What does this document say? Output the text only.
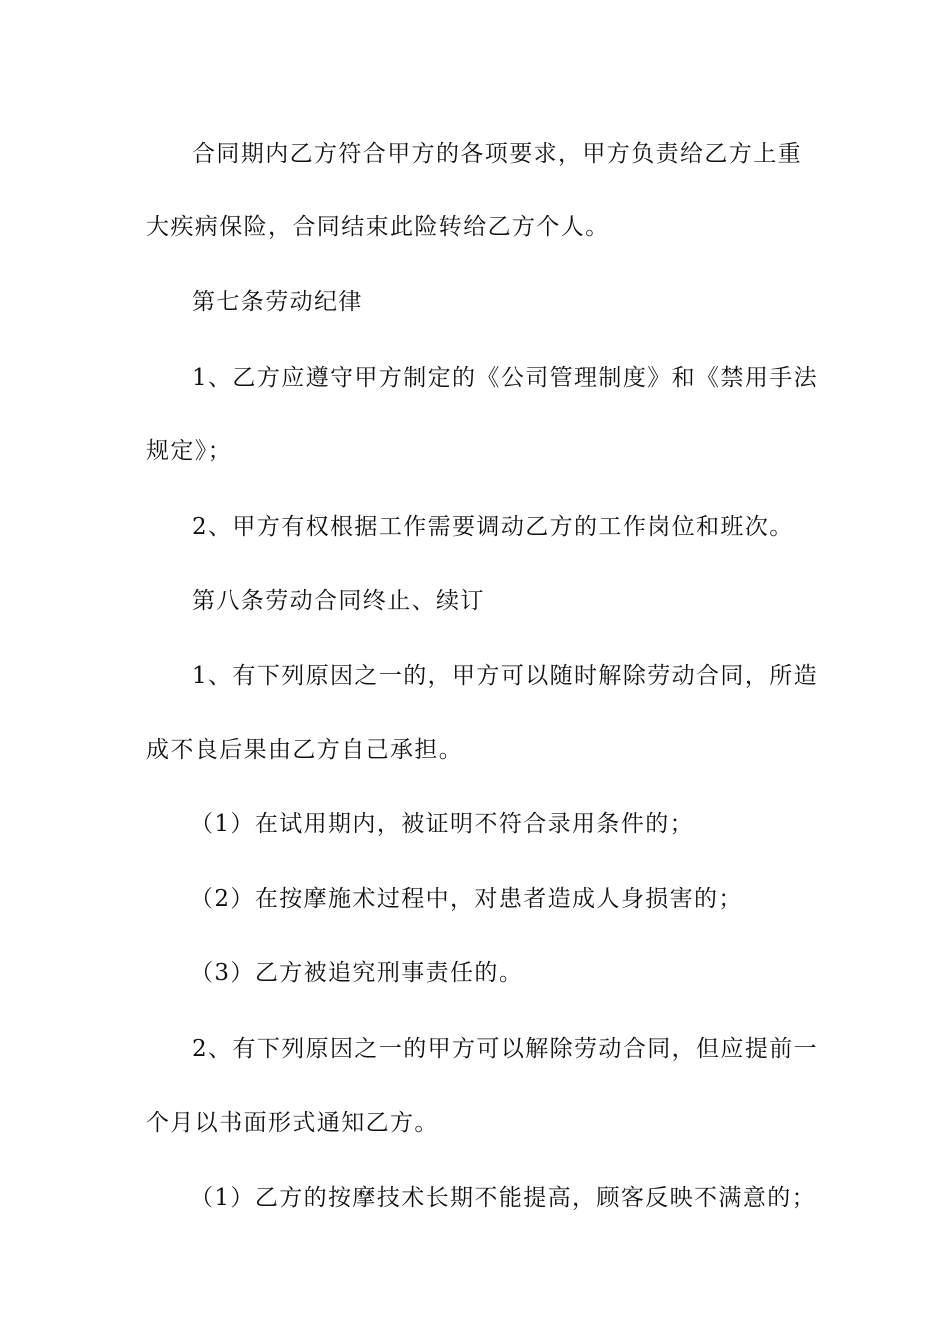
合同期内乙方符合甲方的各项要求，甲方负责给乙方上重
大疾病保险，合同结束此险转给乙方个人。
第七条劳动纪律
1、乙方应遵守甲方制定的《公司管理制度》和《禁用手法
规定》；
2、甲方有权根据工作需要调动乙方的工作岗位和班次。
第八条劳动合同终止、续订
1、有下列原因之一的，甲方可以随时解除劳动合同，所造
成不良后果由乙方自己承担。
（1）在试用期内，被证明不符合录用条件的；
（2）在按摩施术过程中，对患者造成人身损害的；
（3）乙方被追究刑事责任的。
2、有下列原因之一的甲方可以解除劳动合同，但应提前一
个月以书面形式通知乙方。
（1）乙方的按摩技术长期不能提高，顾客反映不满意的；
